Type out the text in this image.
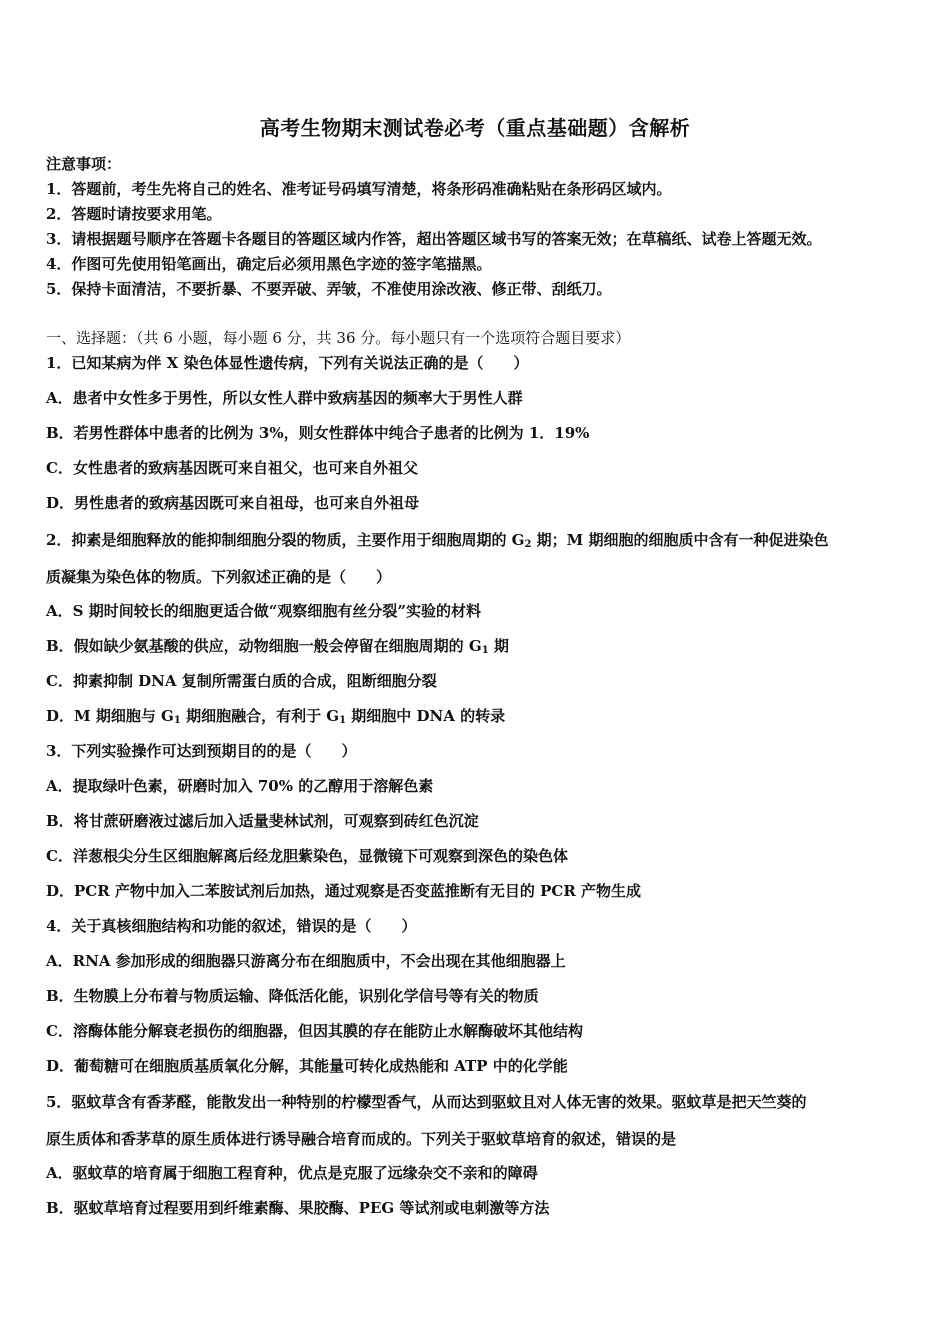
高考生物期末测试卷必考（重点基础题）含解析
注意事项：
1．答题前，考生先将自己的姓名、准考证号码填写清楚，将条形码准确粘贴在条形码区域内。
2．答题时请按要求用笔。
3．请根据题号顺序在答题卡各题目的答题区域内作答，超出答题区域书写的答案无效；在草稿纸、试卷上答题无效。
4．作图可先使用铅笔画出，确定后必须用黑色字迹的签字笔描黑。
5．保持卡面清洁，不要折暴、不要弄破、弄皱，不准使用涂改液、修正带、刮纸刀。
一、选择题：（共 6 小题，每小题 6 分，共 36 分。每小题只有一个选项符合题目要求）
1．已知某病为伴 X 染色体显性遗传病，下列有关说法正确的是（　　）
A．患者中女性多于男性，所以女性人群中致病基因的频率大于男性人群
B．若男性群体中患者的比例为 3%，则女性群体中纯合子患者的比例为 1．19%
C．女性患者的致病基因既可来自祖父，也可来自外祖父
D．男性患者的致病基因既可来自祖母，也可来自外祖母
2．抑素是细胞释放的能抑制细胞分裂的物质，主要作用于细胞周期的 $G_2$ 期；M 期细胞的细胞质中含有一种促进染色
质凝集为染色体的物质。下列叙述正确的是（　　）
A．S 期时间较长的细胞更适合做“观察细胞有丝分裂”实验的材料
B．假如缺少氨基酸的供应，动物细胞一般会停留在细胞周期的 $G_1$ 期
C．抑素抑制 DNA 复制所需蛋白质的合成，阻断细胞分裂
D．M 期细胞与 $G_1$ 期细胞融合，有利于 $G_1$ 期细胞中 DNA 的转录
3．下列实验操作可达到预期目的的是（　　）
A．提取绿叶色素，研磨时加入 70% 的乙醇用于溶解色素
B．将甘蔗研磨液过滤后加入适量斐林试剂，可观察到砖红色沉淀
C．洋葱根尖分生区细胞解离后经龙胆紫染色，显微镜下可观察到深色的染色体
D．PCR 产物中加入二苯胺试剂后加热，通过观察是否变蓝推断有无目的 PCR 产物生成
4．关于真核细胞结构和功能的叙述，错误的是（　　）
A．RNA 参加形成的细胞器只游离分布在细胞质中，不会出现在其他细胞器上
B．生物膜上分布着与物质运输、降低活化能，识别化学信号等有关的物质
C．溶酶体能分解衰老损伤的细胞器，但因其膜的存在能防止水解酶破坏其他结构
D．葡萄糖可在细胞质基质氧化分解，其能量可转化成热能和 ATP 中的化学能
5．驱蚊草含有香茅醛，能散发出一种特别的柠檬型香气，从而达到驱蚊且对人体无害的效果。驱蚊草是把天竺葵的
原生质体和香茅草的原生质体进行诱导融合培育而成的。下列关于驱蚊草培育的叙述，错误的是
A．驱蚊草的培育属于细胞工程育种，优点是克服了远缘杂交不亲和的障碍
B．驱蚊草培育过程要用到纤维素酶、果胶酶、PEG 等试剂或电刺激等方法
